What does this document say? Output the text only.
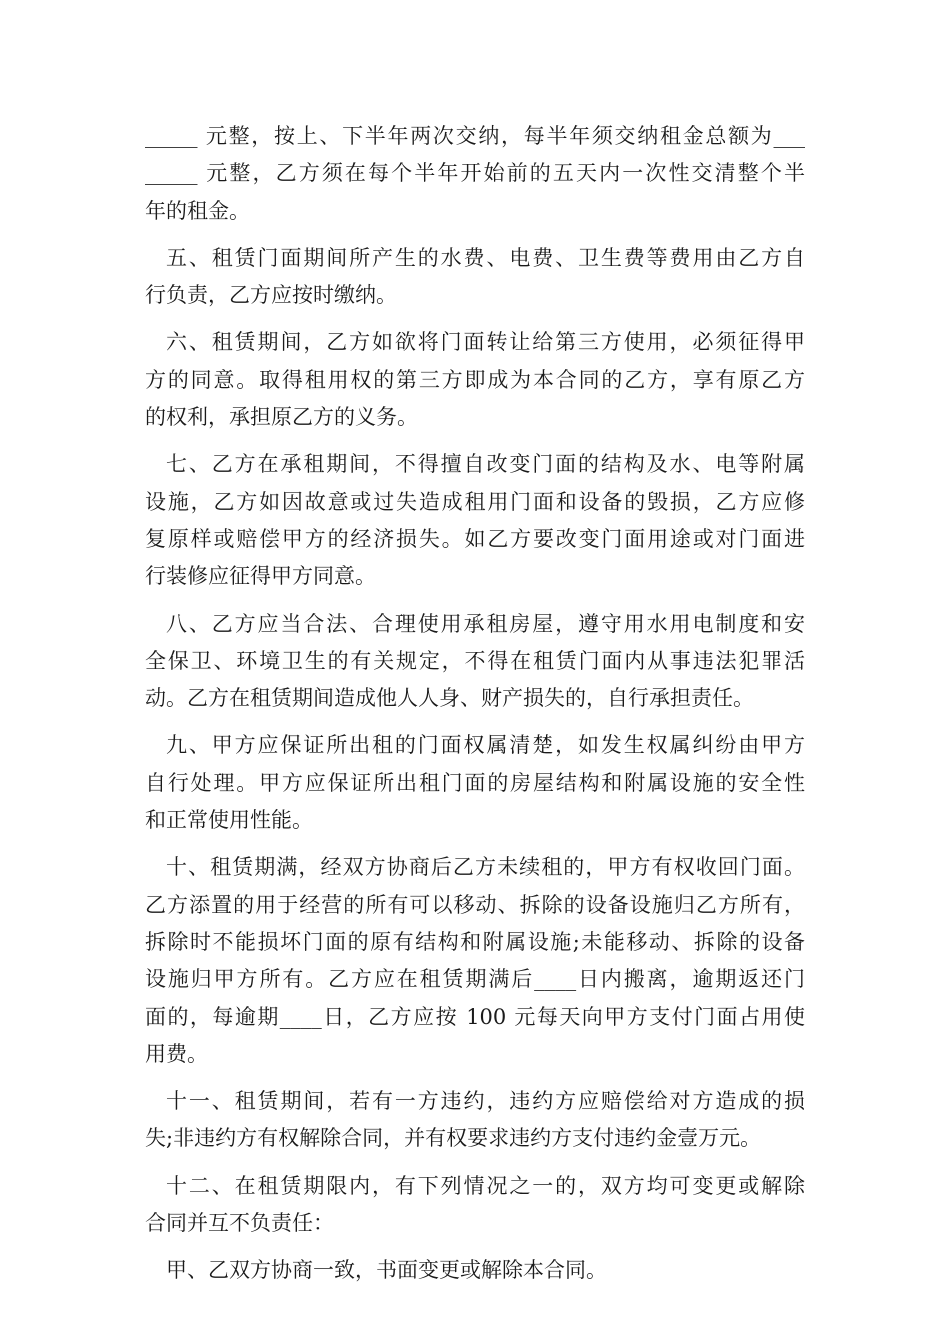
_____ 元整，按上、下半年两次交纳，每半年须交纳租金总额为___
_____ 元整，乙方须在每个半年开始前的五天内一次性交清整个半
年的租金。
五、租赁门面期间所产生的水费、电费、卫生费等费用由乙方自
行负责，乙方应按时缴纳。
六、租赁期间，乙方如欲将门面转让给第三方使用，必须征得甲
方的同意。取得租用权的第三方即成为本合同的乙方，享有原乙方
的权利，承担原乙方的义务。
七、乙方在承租期间，不得擅自改变门面的结构及水、电等附属
设施，乙方如因故意或过失造成租用门面和设备的毁损，乙方应修
复原样或赔偿甲方的经济损失。如乙方要改变门面用途或对门面进
行装修应征得甲方同意。
八、乙方应当合法、合理使用承租房屋，遵守用水用电制度和安
全保卫、环境卫生的有关规定，不得在租赁门面内从事违法犯罪活
动。乙方在租赁期间造成他人人身、财产损失的，自行承担责任。
九、甲方应保证所出租的门面权属清楚，如发生权属纠纷由甲方
自行处理。甲方应保证所出租门面的房屋结构和附属设施的安全性
和正常使用性能。
十、租赁期满，经双方协商后乙方未续租的，甲方有权收回门面。
乙方添置的用于经营的所有可以移动、拆除的设备设施归乙方所有，
拆除时不能损坏门面的原有结构和附属设施;未能移动、拆除的设备
设施归甲方所有。乙方应在租赁期满后____日内搬离，逾期返还门
面的，每逾期____日，乙方应按 100 元每天向甲方支付门面占用使
用费。
十一、租赁期间，若有一方违约，违约方应赔偿给对方造成的损
失;非违约方有权解除合同，并有权要求违约方支付违约金壹万元。
十二、在租赁期限内，有下列情况之一的，双方均可变更或解除
合同并互不负责任：
甲、乙双方协商一致，书面变更或解除本合同。
